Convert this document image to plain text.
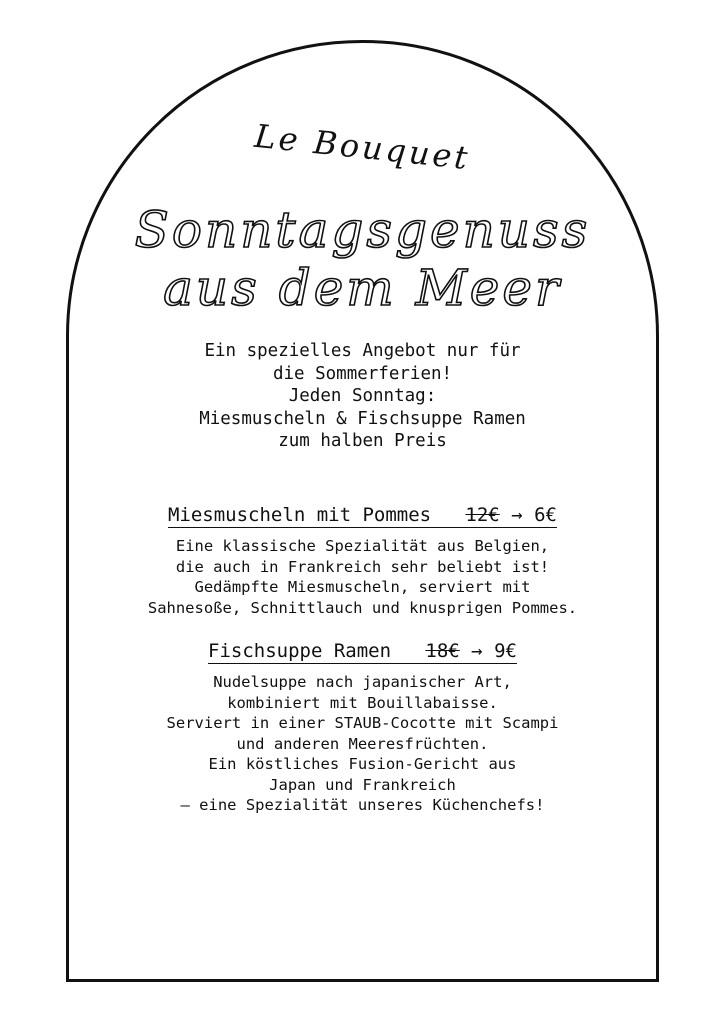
Le Bouquet
Sonntagsgenuss
aus dem Meer
Ein spezielles Angebot nur für
die Sommerferien!
Jeden Sonntag:
Miesmuscheln & Fischsuppe Ramen
zum halben Preis
Miesmuscheln mit Pommes 12€ → 6€
Eine klassische Spezialität aus Belgien,
die auch in Frankreich sehr beliebt ist!
Gedämpfte Miesmuscheln, serviert mit
Sahnesoße, Schnittlauch und knusprigen Pommes.
Fischsuppe Ramen 18€ → 9€
Nudelsuppe nach japanischer Art,
kombiniert mit Bouillabaisse.
Serviert in einer STAUB-Cocotte mit Scampi
und anderen Meeresfrüchten.
Ein köstliches Fusion-Gericht aus
Japan und Frankreich
– eine Spezialität unseres Küchenchefs!
